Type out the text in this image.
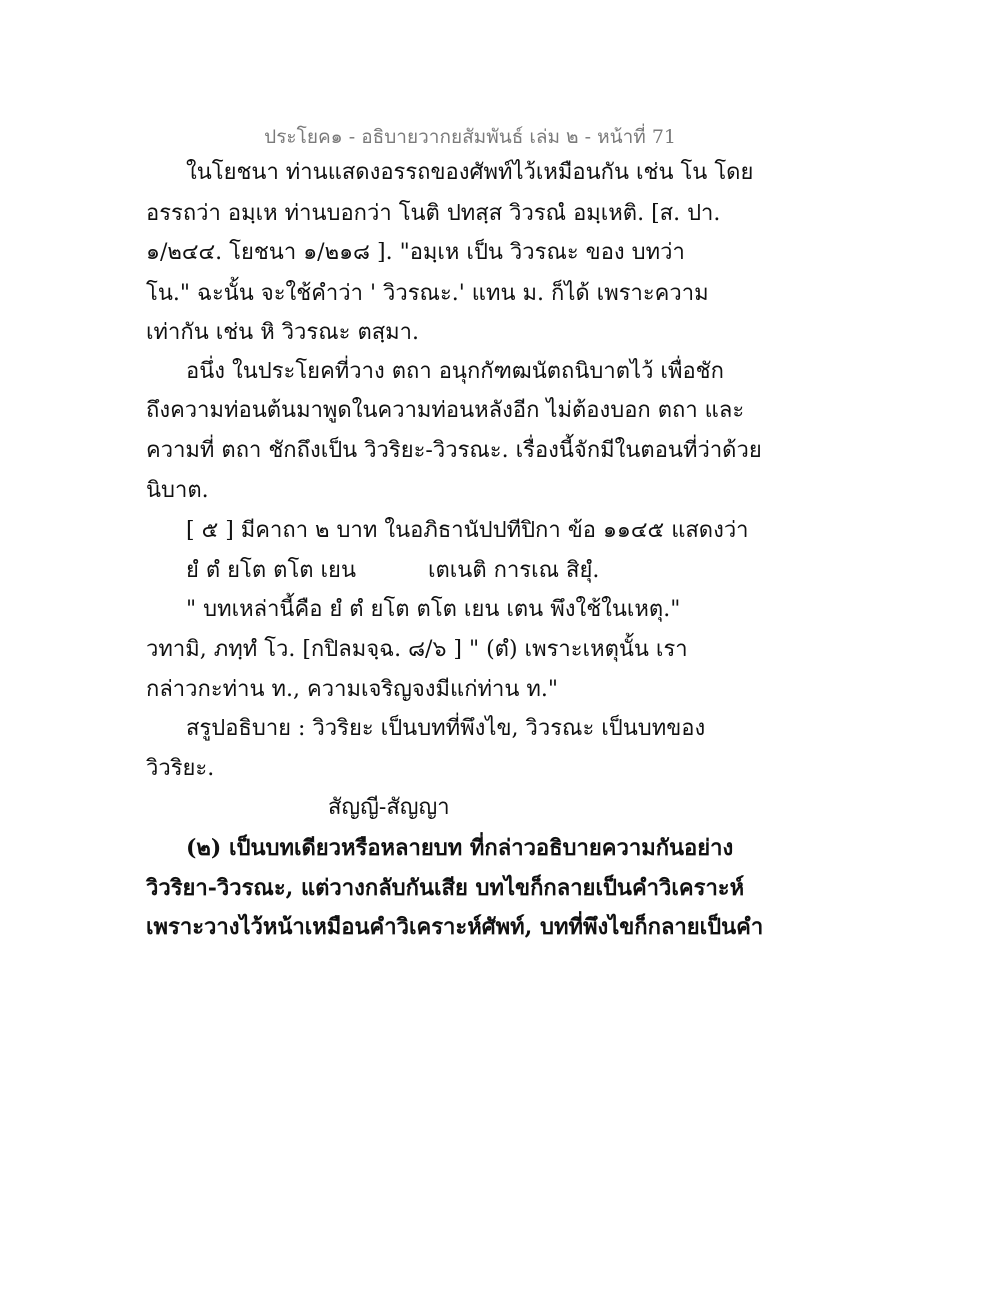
ประโยค๑ - อธิบายวากยสัมพันธ์ เล่ม ๒ - หน้าที่ 71
ในโยชนา ท่านแสดงอรรถของศัพท์ไว้เหมือนกัน เช่น โน โดย
อรรถว่า อมฺเห ท่านบอกว่า โนติ ปทสฺส วิวรณํ อมฺเหติ. [ส. ปา.
๑/๒๔๔. โยชนา ๑/๒๑๘ ]. "อมฺเห เป็น วิวรณะ ของ บทว่า
โน." ฉะนั้น จะใช้คำว่า ' วิวรณะ.' แทน ม. ก็ได้ เพราะความ
เท่ากัน เช่น หิ วิวรณะ ตสฺมา.
อนึ่ง ในประโยคที่วาง ตถา อนุกกัฑฒนัตถนิบาตไว้ เพื่อชัก
ถึงความท่อนต้นมาพูดในความท่อนหลังอีก ไม่ต้องบอก ตถา และ
ความที่ ตถา ชักถึงเป็น วิวริยะ-วิวรณะ. เรื่องนี้จักมีในตอนที่ว่าด้วย
นิบาต.
[ ๕ ] มีคาถา ๒ บาท ในอภิธานัปปทีปิกา ข้อ ๑๑๔๕ แสดงว่า
ยํ ตํ ยโต ตโต เยน	เตเนติ การเณ สิยุํ.
" บทเหล่านี้คือ ยํ ตํ ยโต ตโต เยน เตน พึงใช้ในเหตุ."
วทามิ, ภทฺทํ โว. [กปิลมจฺฉ. ๘/๖ ] " (ตํ) เพราะเหตุนั้น เรา
กล่าวกะท่าน ท., ความเจริญจงมีแก่ท่าน ท."
สรูปอธิบาย : วิวริยะ เป็นบทที่พึงไข, วิวรณะ เป็นบทของ
วิวริยะ.
สัญญี-สัญญา
(๒) เป็นบทเดียวหรือหลายบท ที่กล่าวอธิบายความกันอย่าง
วิวริยา-วิวรณะ, แต่วางกลับกันเสีย บทไขก็กลายเป็นคำวิเคราะห์
เพราะวางไว้หน้าเหมือนคำวิเคราะห์ศัพท์, บทที่พึงไขก็กลายเป็นคำ
